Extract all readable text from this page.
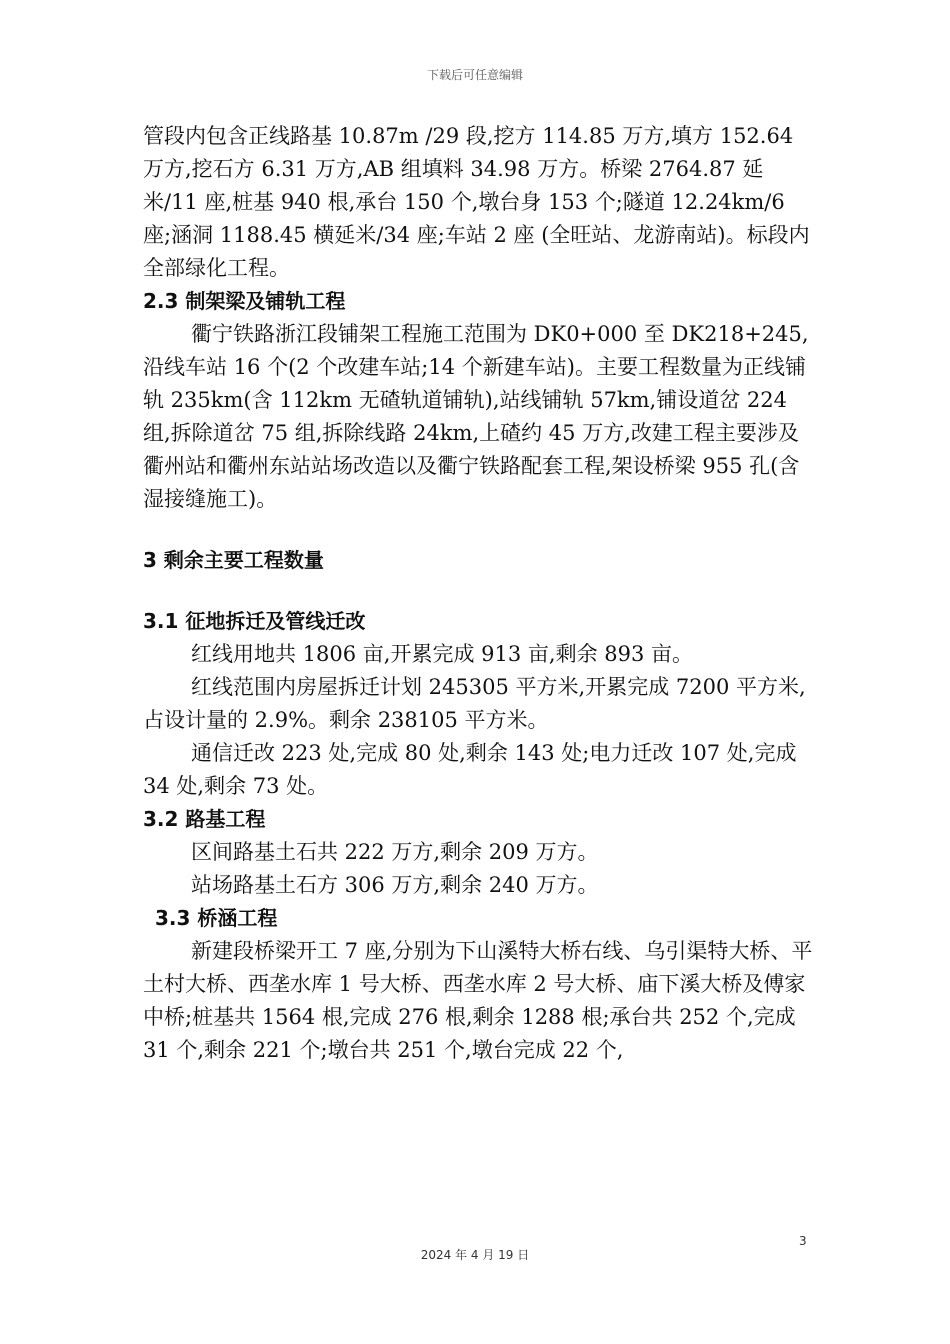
下载后可任意编辑

管段内包含正线路基 10.87m /29 段,挖方 114.85 万方,填方 152.64 万方,挖石方 6.31 万方,AB 组填料 34.98 万方。桥梁 2764.87 延米/11 座,桩基 940 根,承台 150 个,墩台身 153 个;隧道 12.24km/6 座;涵洞 1188.45 横延米/34 座;车站 2 座 (全旺站、龙游南站)。标段内全部绿化工程。

2.3 制架梁及铺轨工程

衢宁铁路浙江段铺架工程施工范围为 DK0+000 至 DK218+245,沿线车站 16 个(2 个改建车站;14 个新建车站)。主要工程数量为正线铺轨 235km(含 112km 无碴轨道铺轨),站线铺轨 57km,铺设道岔 224 组,拆除道岔 75 组,拆除线路 24km,上碴约 45 万方,改建工程主要涉及衢州站和衢州东站站场改造以及衢宁铁路配套工程,架设桥梁 955 孔(含湿接缝施工)。

3 剩余主要工程数量

3.1 征地拆迁及管线迁改

红线用地共 1806 亩,开累完成 913 亩,剩余 893 亩。

红线范围内房屋拆迁计划 245305 平方米,开累完成 7200 平方米,占设计量的 2.9%。剩余 238105 平方米。

通信迁改 223 处,完成 80 处,剩余 143 处;电力迁改 107 处,完成 34 处,剩余 73 处。

3.2 路基工程

区间路基土石共 222 万方,剩余 209 万方。

站场路基土石方 306 万方,剩余 240 万方。

3.3 桥涵工程

新建段桥梁开工 7 座,分别为下山溪特大桥右线、乌引渠特大桥、平土村大桥、西垄水库 1 号大桥、西垄水库 2 号大桥、庙下溪大桥及傅家中桥;桩基共 1564 根,完成 276 根,剩余 1288 根;承台共 252 个,完成 31 个,剩余 221 个;墩台共 251 个,墩台完成 22 个,

3
2024 年 4 月 19 日
